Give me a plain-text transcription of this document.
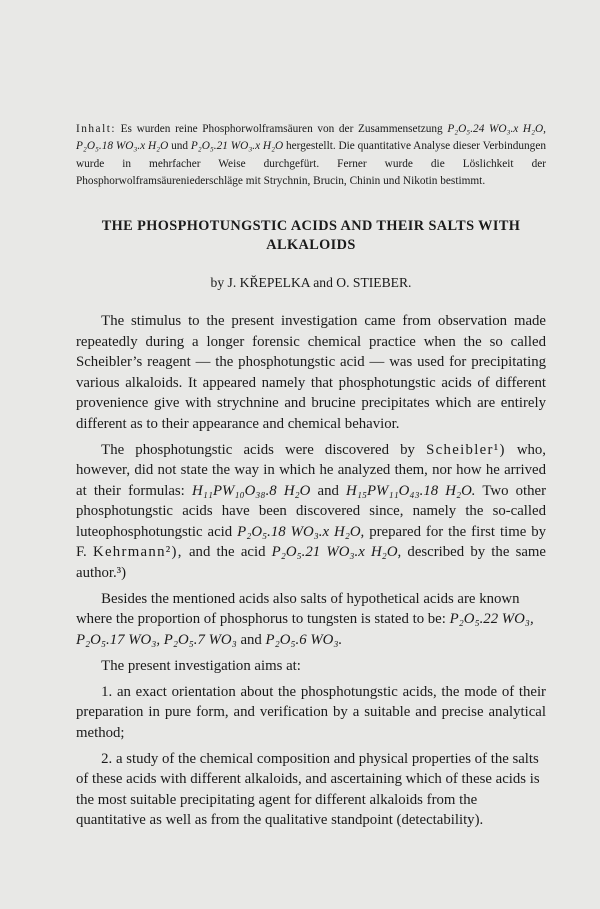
Inhalt: Es wurden reine Phosphorwolframsäuren von der Zusammensetzung P₂O₅.24 WO₃.x H₂O, P₂O₅.18 WO₃.x H₂O und P₂O₅.21 WO₃.x H₂O hergestellt. Die quantitative Analyse dieser Verbindungen wurde in mehrfacher Weise durchgefürt. Ferner wurde die Löslichkeit der Phosphorwolframsäureniederschläge mit Strychnin, Brucin, Chinin und Nikotin bestimmt.

THE PHOSPHOTUNGSTIC ACIDS AND THEIR SALTS WITH ALKALOIDS
by J. KŘEPELKA and O. STIEBER.

The stimulus to the present investigation came from observation made repeatedly during a longer forensic chemical practice when the so called Scheibler’s reagent — the phosphotungstic acid — was used for precipitating various alkaloids. It appeared namely that phosphotungstic acids of different provenience give with strychnine and brucine precipitates which are entirely different as to their appearance and chemical behavior.

The phosphotungstic acids were discovered by Scheibler¹) who, however, did not state the way in which he analyzed them, nor how he arrived at their formulas: H₁₁PW₁₀O₃₈.8 H₂O and H₁₅PW₁₁O₄₃.18 H₂O. Two other phosphotungstic acids have been discovered since, namely the so-called luteophosphotungstic acid P₂O₅.18 WO₃.x H₂O, prepared for the first time by F. Kehrmann²), and the acid P₂O₅.21 WO₃.x H₂O, described by the same author.³)

Besides the mentioned acids also salts of hypothetical acids are known where the proportion of phosphorus to tungsten is stated to be: P₂O₅.22 WO₃, P₂O₅.17 WO₃, P₂O₅.7 WO₃ and P₂O₅.6 WO₃.

The present investigation aims at:

1. an exact orientation about the phosphotungstic acids, the mode of their preparation in pure form, and verification by a suitable and precise analytical method;

2. a study of the chemical composition and physical properties of the salts of these acids with different alkaloids, and ascertaining which of these acids is the most suitable precipitating agent for different alkaloids from the quantitative as well as from the qualitative standpoint (detectability).
